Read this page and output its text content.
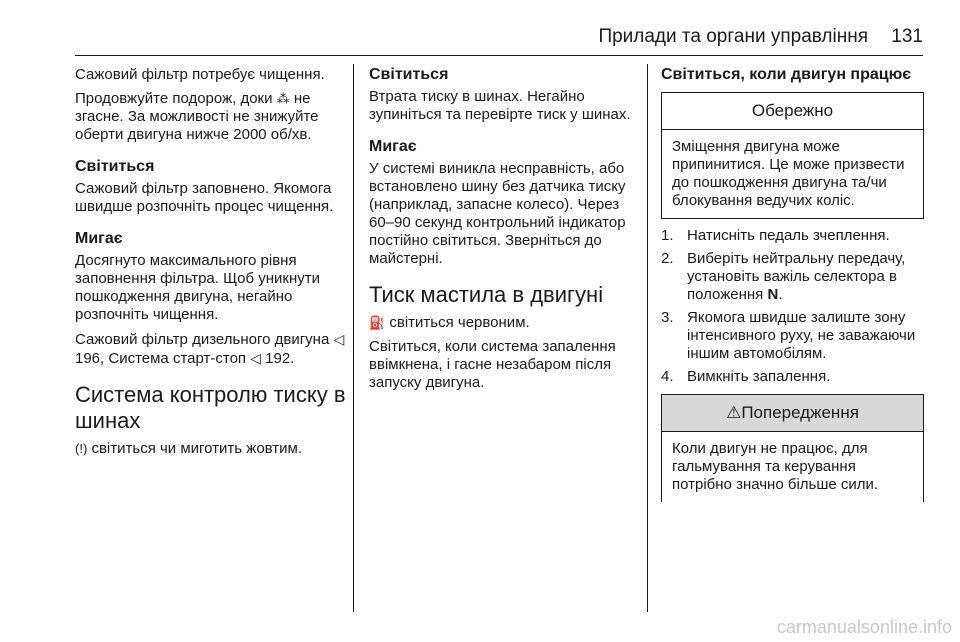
Прилади та органи управління 131

Сажовий фільтр потребує чищення.

Продовжуйте подорож, доки ⁂ не згасне. За можливості не знижуйте оберти двигуна нижче 2000 об/хв.

Світиться

Сажовий фільтр заповнено. Якомога швидше розпочніть процес чищення.

Мигає

Досягнуто максимального рівня заповнення фільтра. Щоб уникнути пошкодження двигуна, негайно розпочніть чищення.

Сажовий фільтр дизельного двигуна ◁ 196, Система старт-стоп ◁ 192.

Система контролю тиску в шинах

(!) світиться чи миготить жовтим.

Світиться

Втрата тиску в шинах. Негайно зупиніться та перевірте тиск у шинах.

Мигає

У системі виникла несправність, або встановлено шину без датчика тиску (наприклад, запасне колесо). Через 60–90 секунд контрольний індикатор постійно світиться. Зверніться до майстерні.

Тиск мастила в двигуні

⛽ світиться червоним.

Світиться, коли система запалення ввімкнена, і гасне незабаром після запуску двигуна.

Світиться, коли двигун працює
Обережно
Зміщення двигуна може припинитися. Це може призвести до пошкодження двигуна та/чи блокування ведучих коліс.
1. Натисніть педаль зчеплення.
2. Виберіть нейтральну передачу, установіть важіль селектора в положення N.
3. Якомога швидше залиште зону інтенсивного руху, не заважаючи іншим автомобілям.
4. Вимкніть запалення.
⚠Попередження
Коли двигун не працює, для гальмування та керування потрібно значно більше сили.
carmanualsonline.info
